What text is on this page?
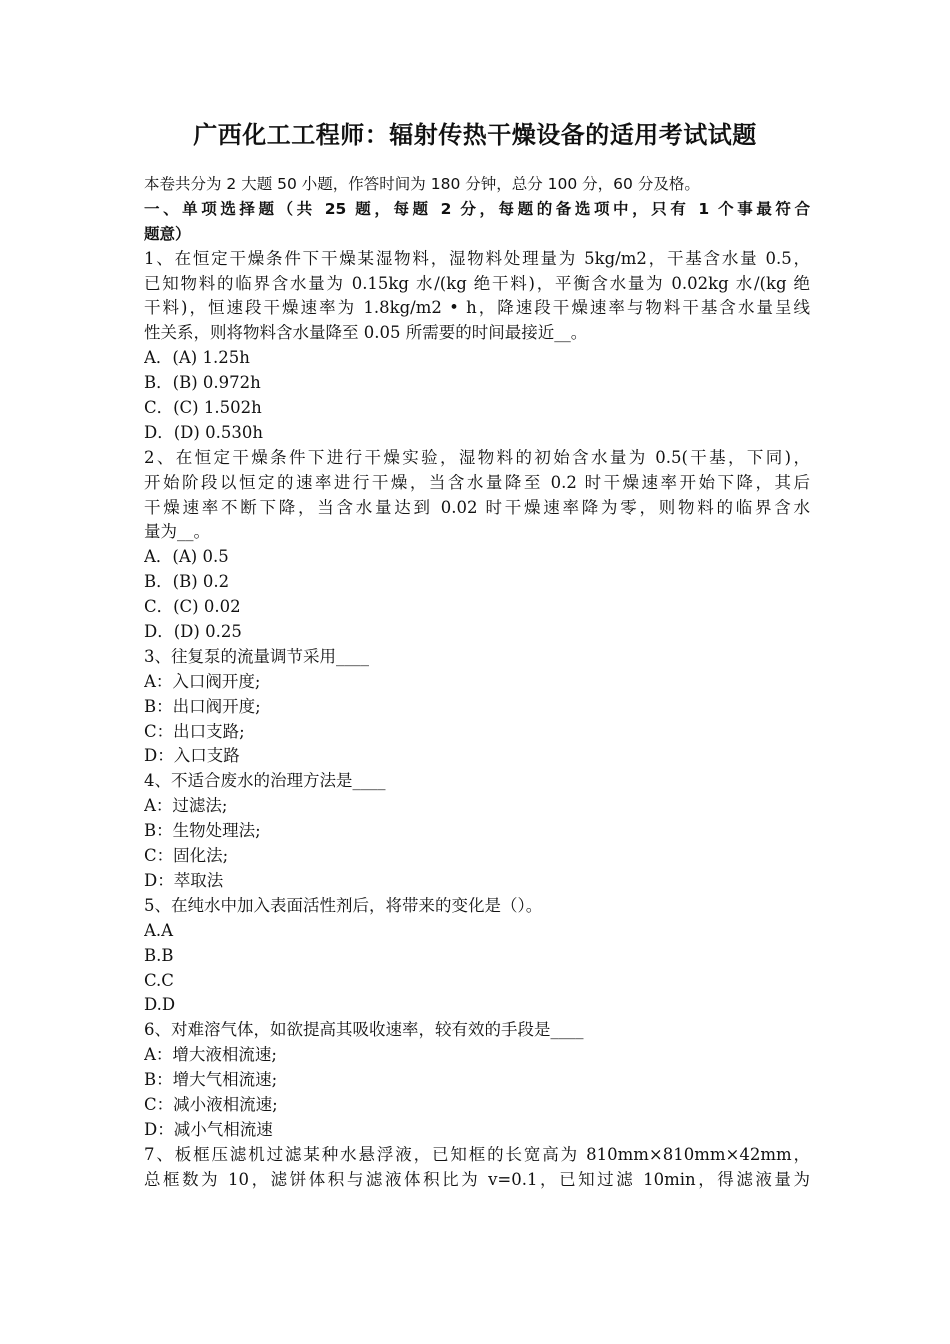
广西化工工程师：辐射传热干燥设备的适用考试试题
本卷共分为 2 大题 50 小题，作答时间为 180 分钟，总分 100 分，60 分及格。
一、单项选择题（共 25 题，每题 2 分，每题的备选项中，只有 1 个事最符合
题意）
1、在恒定干燥条件下干燥某湿物料，湿物料处理量为 5kg/m2，干基含水量 0.5，
已知物料的临界含水量为 0.15kg 水/(kg 绝干料)，平衡含水量为 0.02kg 水/(kg 绝
干料)，恒速段干燥速率为 1.8kg/m2 • h，降速段干燥速率与物料干基含水量呈线
性关系，则将物料含水量降至 0.05 所需要的时间最接近__。
A．(A) 1.25h
B．(B) 0.972h
C．(C) 1.502h
D．(D) 0.530h
2、在恒定干燥条件下进行干燥实验，湿物料的初始含水量为 0.5(干基，下同)，
开始阶段以恒定的速率进行干燥，当含水量降至 0.2 时干燥速率开始下降，其后
干燥速率不断下降，当含水量达到 0.02 时干燥速率降为零，则物料的临界含水
量为__。
A．(A) 0.5
B．(B) 0.2
C．(C) 0.02
D．(D) 0.25
3、往复泵的流量调节采用____
A：入口阀开度;
B：出口阀开度;
C：出口支路;
D：入口支路
4、不适合废水的治理方法是____
A：过滤法;
B：生物处理法;
C：固化法;
D：萃取法
5、在纯水中加入表面活性剂后，将带来的变化是（）。
A.A
B.B
C.C
D.D
6、对难溶气体，如欲提高其吸收速率，较有效的手段是____
A：增大液相流速;
B：增大气相流速;
C：减小液相流速;
D：减小气相流速
7、板框压滤机过滤某种水悬浮液，已知框的长宽高为 810mm×810mm×42mm，
总框数为 10，滤饼体积与滤液体积比为 v=0.1，已知过滤 10min，得滤液量为
